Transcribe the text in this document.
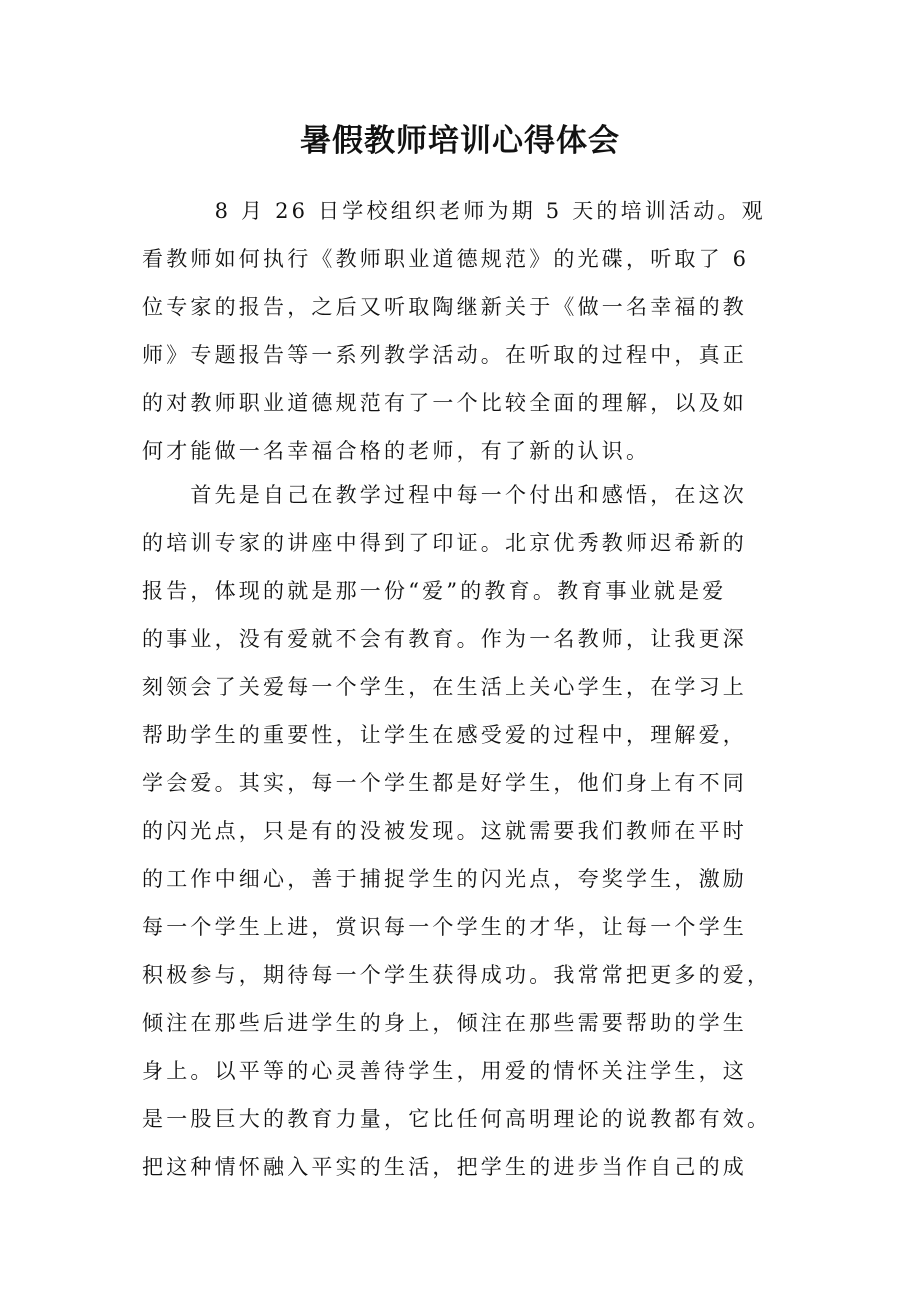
暑假教师培训心得体会
　　　8 月 26 日学校组织老师为期 5 天的培训活动。观
看教师如何执行《教师职业道德规范》的光碟，听取了 6
位专家的报告，之后又听取陶继新关于《做一名幸福的教
师》专题报告等一系列教学活动。在听取的过程中，真正
的对教师职业道德规范有了一个比较全面的理解，以及如
何才能做一名幸福合格的老师，有了新的认识。
　　首先是自己在教学过程中每一个付出和感悟，在这次
的培训专家的讲座中得到了印证。北京优秀教师迟希新的
报告，体现的就是那一份“爱”的教育。教育事业就是爱
的事业，没有爱就不会有教育。作为一名教师，让我更深
刻领会了关爱每一个学生，在生活上关心学生，在学习上
帮助学生的重要性，让学生在感受爱的过程中，理解爱，
学会爱。其实，每一个学生都是好学生，他们身上有不同
的闪光点，只是有的没被发现。这就需要我们教师在平时
的工作中细心，善于捕捉学生的闪光点，夸奖学生，激励
每一个学生上进，赏识每一个学生的才华，让每一个学生
积极参与，期待每一个学生获得成功。我常常把更多的爱，
倾注在那些后进学生的身上，倾注在那些需要帮助的学生
身上。以平等的心灵善待学生，用爱的情怀关注学生，这
是一股巨大的教育力量，它比任何高明理论的说教都有效。
把这种情怀融入平实的生活，把学生的进步当作自己的成
